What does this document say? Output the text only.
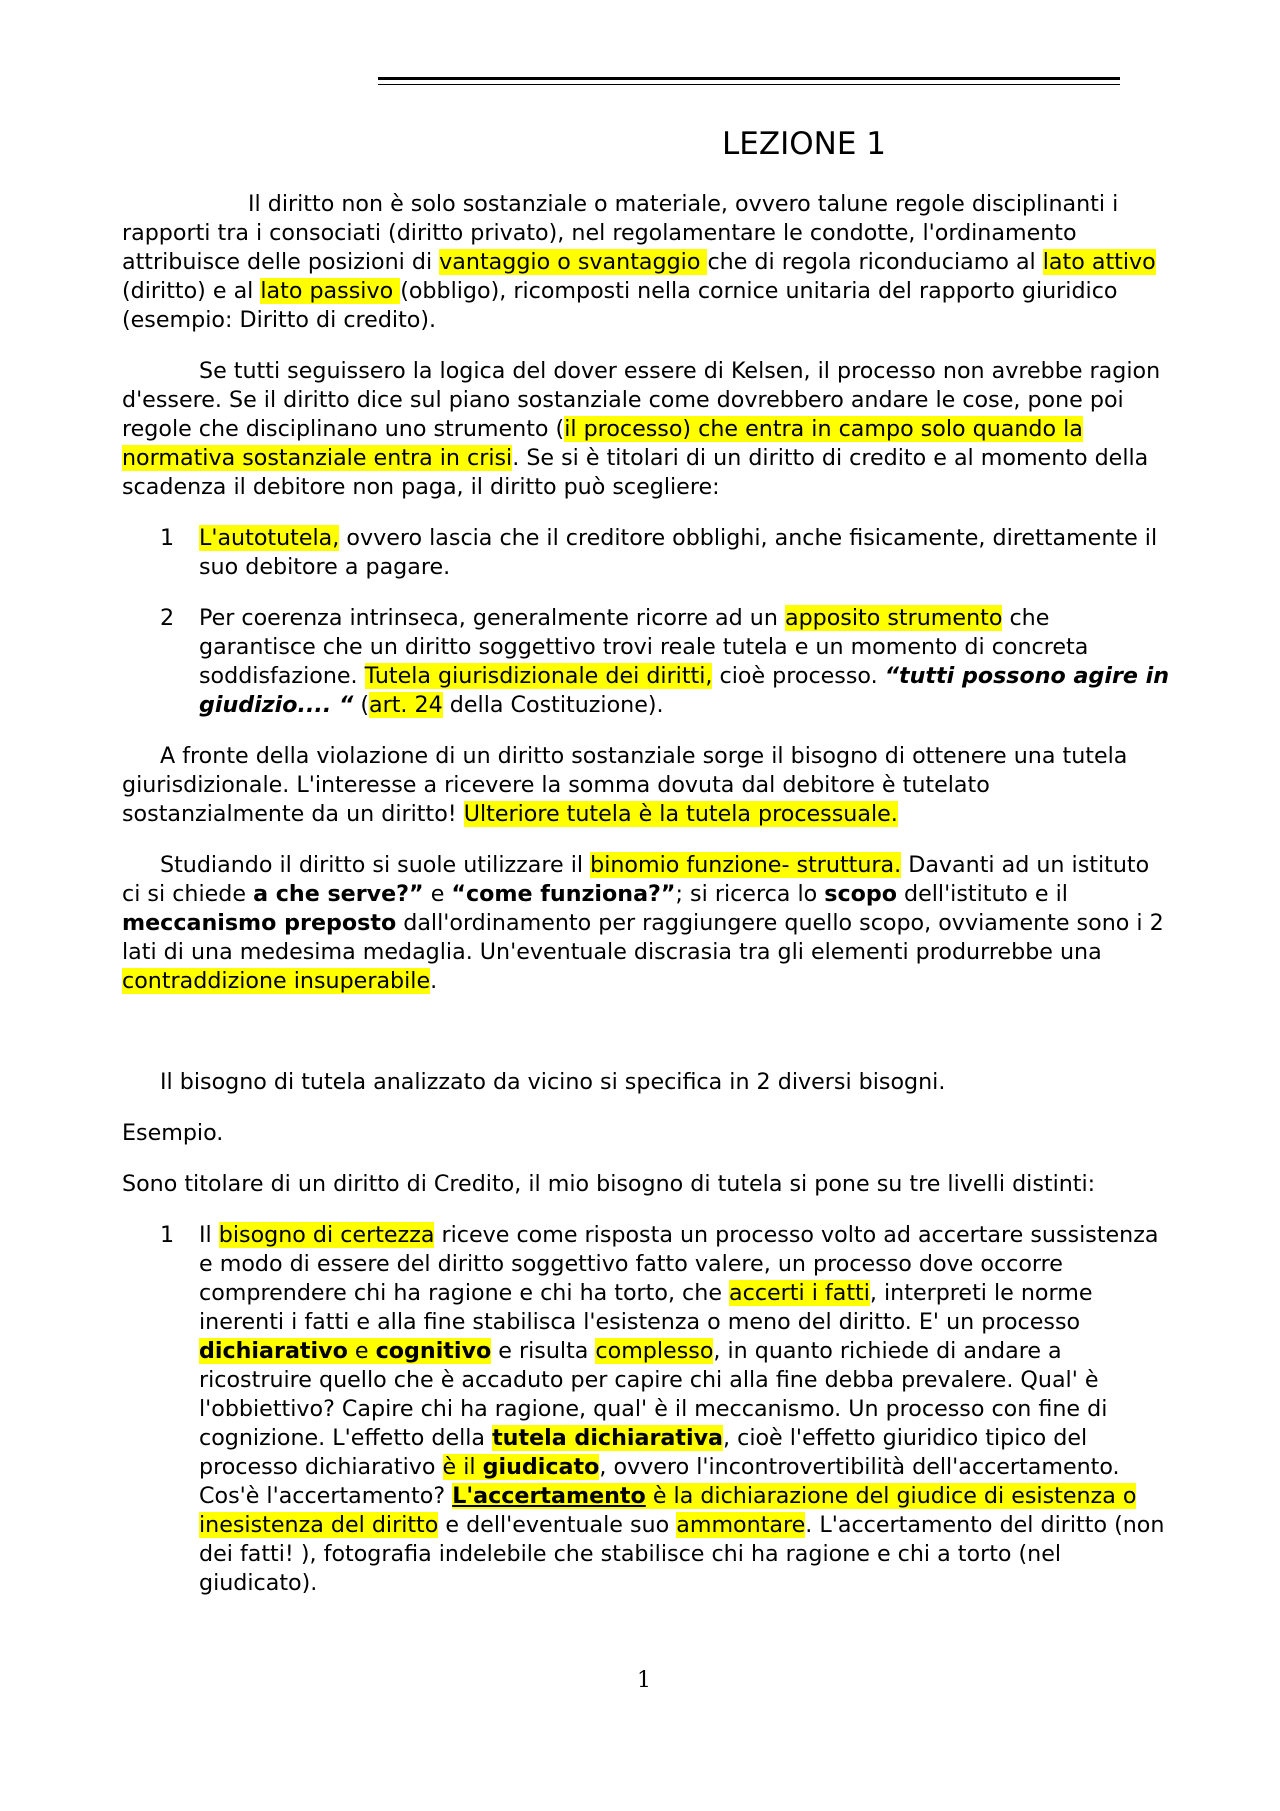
LEZIONE 1

Il diritto non è solo sostanziale o materiale, ovvero talune regole disciplinanti i rapporti tra i consociati (diritto privato), nel regolamentare le condotte, l'ordinamento attribuisce delle posizioni di vantaggio o svantaggio che di regola riconduciamo al lato attivo (diritto) e al lato passivo (obbligo), ricomposti nella cornice unitaria del rapporto giuridico (esempio: Diritto di credito).

Se tutti seguissero la logica del dover essere di Kelsen, il processo non avrebbe ragion d'essere. Se il diritto dice sul piano sostanziale come dovrebbero andare le cose, pone poi regole che disciplinano uno strumento (il processo) che entra in campo solo quando la normativa sostanziale entra in crisi. Se si è titolari di un diritto di credito e al momento della scadenza il debitore non paga, il diritto può scegliere:

1 L'autotutela, ovvero lascia che il creditore obblighi, anche fisicamente, direttamente il suo debitore a pagare.
2 Per coerenza intrinseca, generalmente ricorre ad un apposito strumento che garantisce che un diritto soggettivo trovi reale tutela e un momento di concreta soddisfazione. Tutela giurisdizionale dei diritti, cioè processo. “tutti possono agire in giudizio.... “ (art. 24 della Costituzione).

A fronte della violazione di un diritto sostanziale sorge il bisogno di ottenere una tutela giurisdizionale. L'interesse a ricevere la somma dovuta dal debitore è tutelato sostanzialmente da un diritto! Ulteriore tutela è la tutela processuale.

Studiando il diritto si suole utilizzare il binomio funzione- struttura. Davanti ad un istituto ci si chiede a che serve?” e “come funziona?”; si ricerca lo scopo dell'istituto e il meccanismo preposto dall'ordinamento per raggiungere quello scopo, ovviamente sono i 2 lati di una medesima medaglia. Un'eventuale discrasia tra gli elementi produrrebbe una contraddizione insuperabile.

Il bisogno di tutela analizzato da vicino si specifica in 2 diversi bisogni.

Esempio.

Sono titolare di un diritto di Credito, il mio bisogno di tutela si pone su tre livelli distinti:

1 Il bisogno di certezza riceve come risposta un processo volto ad accertare sussistenza e modo di essere del diritto soggettivo fatto valere, un processo dove occorre comprendere chi ha ragione e chi ha torto, che accerti i fatti, interpreti le norme inerenti i fatti e alla fine stabilisca l'esistenza o meno del diritto. E' un processo dichiarativo e cognitivo e risulta complesso, in quanto richiede di andare a ricostruire quello che è accaduto per capire chi alla fine debba prevalere. Qual' è l'obbiettivo? Capire chi ha ragione, qual' è il meccanismo. Un processo con fine di cognizione. L'effetto della tutela dichiarativa, cioè l'effetto giuridico tipico del processo dichiarativo è il giudicato, ovvero l'incontrovertibilità dell'accertamento. Cos'è l'accertamento? L'accertamento è la dichiarazione del giudice di esistenza o inesistenza del diritto e dell'eventuale suo ammontare. L'accertamento del diritto (non dei fatti! ), fotografia indelebile che stabilisce chi ha ragione e chi a torto (nel giudicato).
1
